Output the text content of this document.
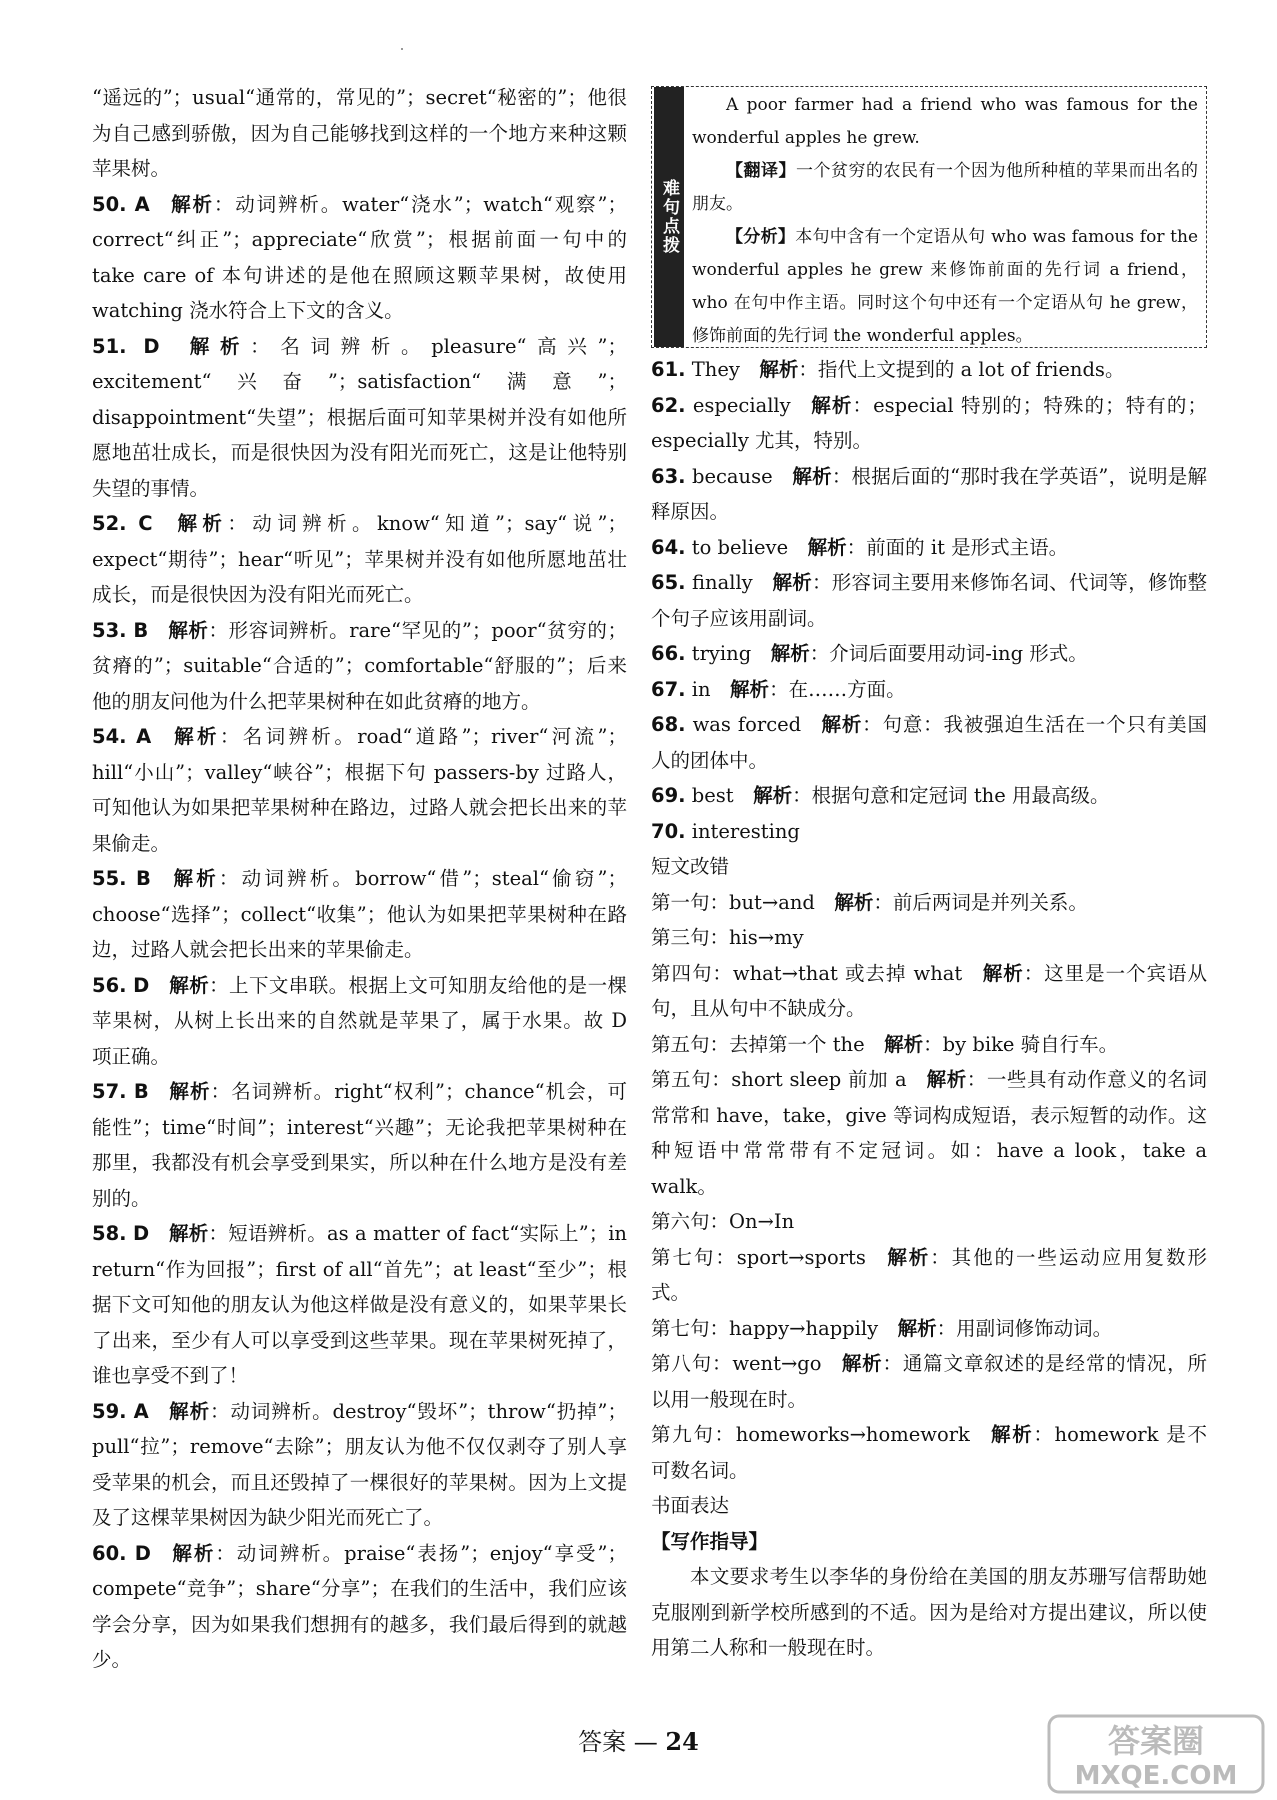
“遥远的”；usual“通常的，常见的”；secret“秘密的”；他很为自己感到骄傲，因为自己能够找到这样的一个地方来种这颗苹果树。

50. A  解析：动词辨析。water“浇水”；watch“观察”；correct“纠正”；appreciate“欣赏”；根据前面一句中的 take care of 本句讲述的是他在照顾这颗苹果树，故使用 watching 浇水符合上下文的含义。

51. D  解析：名词辨析。pleasure“高兴”；excitement“兴奋”；satisfaction“满意”；disappointment“失望”；根据后面可知苹果树并没有如他所愿地茁壮成长，而是很快因为没有阳光而死亡，这是让他特别失望的事情。

52. C  解析：动词辨析。know“知道”；say“说”；expect“期待”；hear“听见”；苹果树并没有如他所愿地茁壮成长，而是很快因为没有阳光而死亡。

53. B  解析：形容词辨析。rare“罕见的”；poor“贫穷的；贫瘠的”；suitable“合适的”；comfortable“舒服的”；后来他的朋友问他为什么把苹果树种在如此贫瘠的地方。

54. A  解析：名词辨析。road“道路”；river“河流”；hill“小山”；valley“峡谷”；根据下句 passers-by 过路人，可知他认为如果把苹果树种在路边，过路人就会把长出来的苹果偷走。

55. B  解析：动词辨析。borrow“借”；steal“偷窃”；choose“选择”；collect“收集”；他认为如果把苹果树种在路边，过路人就会把长出来的苹果偷走。

56. D  解析：上下文串联。根据上文可知朋友给他的是一棵苹果树，从树上长出来的自然就是苹果了，属于水果。故 D 项正确。

57. B  解析：名词辨析。right“权利”；chance“机会，可能性”；time“时间”；interest“兴趣”；无论我把苹果树种在那里，我都没有机会享受到果实，所以种在什么地方是没有差别的。

58. D  解析：短语辨析。as a matter of fact“实际上”；in return“作为回报”；first of all“首先”；at least“至少”；根据下文可知他的朋友认为他这样做是没有意义的，如果苹果长了出来，至少有人可以享受到这些苹果。现在苹果树死掉了，谁也享受不到了！

59. A  解析：动词辨析。destroy“毁坏”；throw“扔掉”；pull“拉”；remove“去除”；朋友认为他不仅仅剥夺了别人享受苹果的机会，而且还毁掉了一棵很好的苹果树。因为上文提及了这棵苹果树因为缺少阳光而死亡了。

60. D  解析：动词辨析。praise“表扬”；enjoy“享受”；compete“竞争”；share“分享”；在我们的生活中，我们应该学会分享，因为如果我们想拥有的越多，我们最后得到的就越少。

难句点拨

A poor farmer had a friend who was famous for the wonderful apples he grew.

【翻译】一个贫穷的农民有一个因为他所种植的苹果而出名的朋友。

【分析】本句中含有一个定语从句 who was famous for the wonderful apples he grew 来修饰前面的先行词 a friend，who 在句中作主语。同时这个句中还有一个定语从句 he grew，修饰前面的先行词 the wonderful apples。

61. They  解析：指代上文提到的 a lot of friends。

62. especially  解析：especial 特别的；特殊的；特有的；especially 尤其，特别。

63. because  解析：根据后面的“那时我在学英语”，说明是解释原因。

64. to believe  解析：前面的 it 是形式主语。

65. finally  解析：形容词主要用来修饰名词、代词等，修饰整个句子应该用副词。

66. trying  解析：介词后面要用动词-ing 形式。

67. in  解析：在……方面。

68. was forced  解析：句意：我被强迫生活在一个只有美国人的团体中。

69. best  解析：根据句意和定冠词 the 用最高级。

70. interesting

短文改错

第一句：but→and  解析：前后两词是并列关系。

第三句：his→my

第四句：what→that 或去掉 what  解析：这里是一个宾语从句，且从句中不缺成分。

第五句：去掉第一个 the  解析：by bike 骑自行车。

第五句：short sleep 前加 a  解析：一些具有动作意义的名词常常和 have，take，give 等词构成短语，表示短暂的动作。这种短语中常常带有不定冠词。如：have a look，take a walk。

第六句：On→In

第七句：sport→sports  解析：其他的一些运动应用复数形式。

第七句：happy→happily  解析：用副词修饰动词。

第八句：went→go  解析：通篇文章叙述的是经常的情况，所以用一般现在时。

第九句：homeworks→homework  解析：homework 是不可数名词。

书面表达

【写作指导】

本文要求考生以李华的身份给在美国的朋友苏珊写信帮助她克服刚到新学校所感到的不适。因为是给对方提出建议，所以使用第二人称和一般现在时。

答案 — 24	答案圈
MXQE.COM
